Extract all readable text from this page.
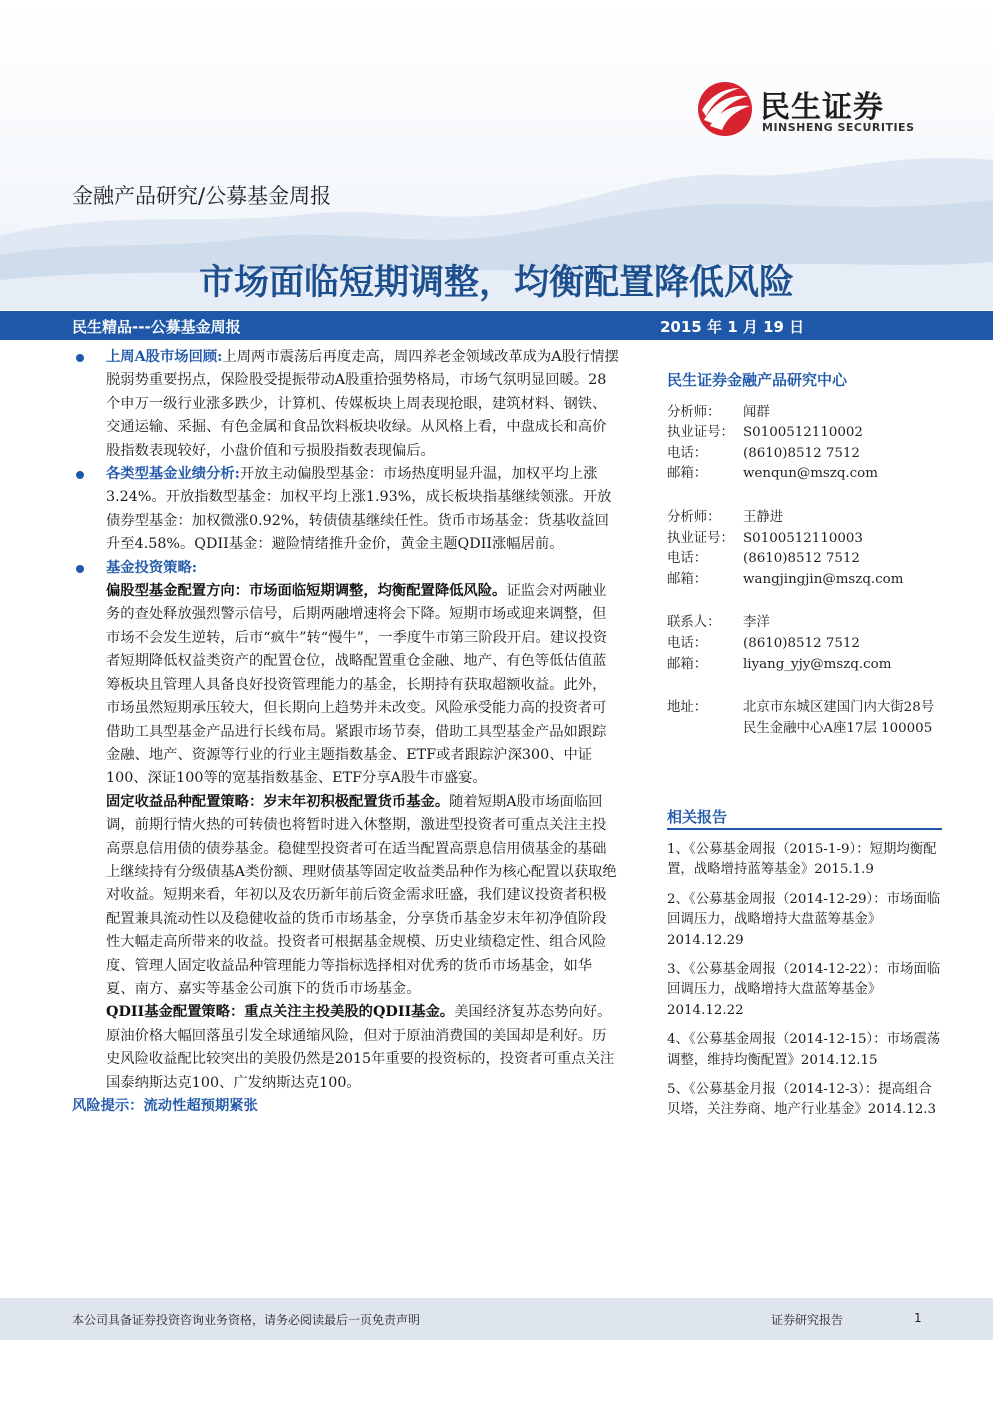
民生证券
MINSHENG SECURITIES
金融产品研究/公募基金周报
市场面临短期调整，均衡配置降低风险
民生精品---公募基金周报	2015 年 1 月 19 日

上周A股市场回顾:上周两市震荡后再度走高，周四养老金领域改革成为A股行情摆脱弱势重要拐点，保险股受提振带动A股重拾强势格局，市场气氛明显回暖。28个申万一级行业涨多跌少，计算机、传媒板块上周表现抢眼，建筑材料、钢铁、交通运输、采掘、有色金属和食品饮料板块收绿。从风格上看，中盘成长和高价股指数表现较好，小盘价值和亏损股指数表现偏后。

各类型基金业绩分析:开放主动偏股型基金：市场热度明显升温，加权平均上涨3.24%。开放指数型基金：加权平均上涨1.93%，成长板块指基继续领涨。开放债券型基金：加权微涨0.92%，转债债基继续任性。货币市场基金：货基收益回升至4.58%。QDII基金：避险情绪推升金价，黄金主题QDII涨幅居前。

基金投资策略:

偏股型基金配置方向：市场面临短期调整，均衡配置降低风险。证监会对两融业务的查处释放强烈警示信号，后期两融增速将会下降。短期市场或迎来调整，但市场不会发生逆转，后市“疯牛”转“慢牛”，一季度牛市第三阶段开启。建议投资者短期降低权益类资产的配置仓位，战略配置重仓金融、地产、有色等低估值蓝筹板块且管理人具备良好投资管理能力的基金，长期持有获取超额收益。此外，市场虽然短期承压较大，但长期向上趋势并未改变。风险承受能力高的投资者可借助工具型基金产品进行长线布局。紧跟市场节奏，借助工具型基金产品如跟踪金融、地产、资源等行业的行业主题指数基金、ETF或者跟踪沪深300、中证100、深证100等的宽基指数基金、ETF分享A股牛市盛宴。

固定收益品种配置策略：岁末年初积极配置货币基金。随着短期A股市场面临回调，前期行情火热的可转债也将暂时进入休整期，激进型投资者可重点关注主投高票息信用债的债券基金。稳健型投资者可在适当配置高票息信用债基金的基础上继续持有分级债基A类份额、理财债基等固定收益类品种作为核心配置以获取绝对收益。短期来看，年初以及农历新年前后资金需求旺盛，我们建议投资者积极配置兼具流动性以及稳健收益的货币市场基金，分享货币基金岁末年初净值阶段性大幅走高所带来的收益。投资者可根据基金规模、历史业绩稳定性、组合风险度、管理人固定收益品种管理能力等指标选择相对优秀的货币市场基金，如华夏、南方、嘉实等基金公司旗下的货币市场基金。

QDII基金配置策略：重点关注主投美股的QDII基金。美国经济复苏态势向好。原油价格大幅回落虽引发全球通缩风险，但对于原油消费国的美国却是利好。历史风险收益配比较突出的美股仍然是2015年重要的投资标的，投资者可重点关注国泰纳斯达克100、广发纳斯达克100。

风险提示：流动性超预期紧张

民生证券金融产品研究中心

分析师：	闻群
执业证号： S0100512110002
电话：	(8610)8512 7512
邮箱：	wenqun@mszq.com
分析师：	王静进
执业证号： S0100512110003
电话：	(8610)8512 7512
邮箱：	wangjingjin@mszq.com
联系人：	李洋
电话：	(8610)8512 7512
邮箱：	liyang_yjy@mszq.com
地址：	北京市东城区建国门内大街28号
民生金融中心A座17层 100005
相关报告
1、《公募基金周报（2015-1-9）：短期均衡配置，战略增持蓝筹基金》2015.1.9
2、《公募基金周报（2014-12-29）：市场面临回调压力，战略增持大盘蓝筹基金》2014.12.29
3、《公募基金周报（2014-12-22）：市场面临回调压力，战略增持大盘蓝筹基金》2014.12.22
4、《公募基金周报（2014-12-15）：市场震荡调整，维持均衡配置》2014.12.15
5、《公募基金月报（2014-12-3）：提高组合贝塔，关注券商、地产行业基金》2014.12.3
本公司具备证券投资咨询业务资格，请务必阅读最后一页免责声明	证券研究报告	1
